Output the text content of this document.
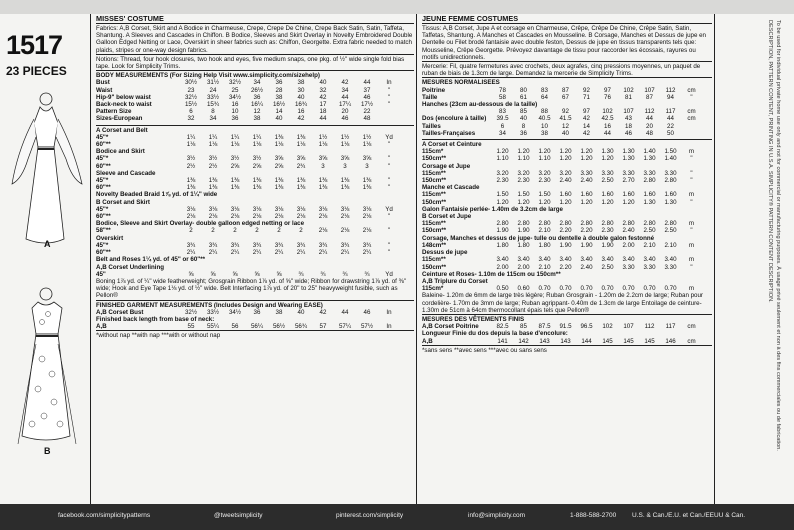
1517
23 PIECES
A
B

MISSES' COSTUME

Fabrics: A,B Corset, Skirt and A Bodice in Charmeuse, Crepe, Crepe De Chine, Crepe Back Satin, Satin, Taffeta, Shantung. A Sleeves and Cascades in Chiffon. B Bodice, Sleeves and Skirt Overlay in Novelty Embroidered Double Galloon Edged Netting or Lace, Overskirt in sheer fabrics such as: Chiffon, Georgette. Extra fabric needed to match plaids, stripes or one-way design fabrics.

Notions: Thread, four hook closures, two hook and eyes, five medium snaps, one pkg. of ½" wide single fold bias tape. Look for Simplicity Trims.

BODY MEASUREMENTS (For Sizing Help Visit www.simplicity.com/sizehelp)

Bust	30½	31½	32½	34	36	38	40	42	44	In
Waist	23	24	25	26½	28	30	32	34	37	"
Hip-9" below waist	32½	33½	34½	36	38	40	42	44	46	"
Back-neck to waist	15½	15¾	16	16¼	16½	16¾	17	17¼	17½	"
Pattern Size	6	8	10	12	14	16	18	20	22
Sizes-European	32	34	36	38	40	42	44	46	48

A Corset and Belt

45"*	1¼	1¼	1¼	1¼	1⅜	1⅜	1½	1½	1½	Yd
60"**	1⅛	1⅛	1⅛	1⅛	1⅛	1⅛	1⅛	1⅛	1⅛	"

Bodice and Skirt

45"*	3½	3½	3½	3½	3⅝	3⅝	3⅝	3⅝	3⅝	"
60"**	2½	2½	2⅝	2⅝	2⅝	2¾	3	3	3	"

Sleeve and Cascade

45"*	1⅜	1⅜	1⅜	1⅜	1⅜	1⅜	1⅜	1⅜	1⅜	"
60"**	1⅜	1⅜	1⅜	1⅜	1⅜	1⅜	1⅜	1⅜	1⅜	"

Novelty Beaded Braid 1⅞ yd. of 1¼" wide

B Corset and Skirt

45"*	3⅛	3⅛	3⅛	3⅛	3⅛	3⅛	3⅛	3⅛	3⅛	Yd
60"**	2⅛	2⅛	2⅛	2⅛	2⅛	2⅛	2⅛	2⅛	2⅛	"

Bodice, Sleeve and Skirt Overlay- double galloon edged netting or lace

58"**	2	2	2	2	2	2	2⅛	2⅛	2⅛	"

Overskirt

45"*	3¾	3¾	3¾	3¾	3¾	3¾	3¾	3¾	3¾	"
60"**	2¼	2¼	2¼	2¼	2¼	2¼	2¼	2¼	2¼	"

Belt and Roses 1¼ yd. of 45" or 60"**

A,B Corset Underlining

45"	⅝	⅝	⅝	⅝	⅝	¾	¾	¾	¾	Yd

Boning 1⅞ yd. of ¼" wide featherweight; Grosgrain Ribbon 1⅞ yd. of ⅝" wide; Ribbon for drawstring 1⅞ yd. of ⅜" wide; Hook and Eye Tape 1⅛ yd. of ½" wide. Belt Interfacing 1⅞ yd. of 20" to 25" heavyweight fusible, such as Pellon®

FINISHED GARMENT MEASUREMENTS (Includes Design and Wearing EASE)

A,B Corset Bust	32½	33½	34½	36	38	40	42	44	46	In
Finished back length from base of neck:
A,B	55	55¼	56	56¼	56½	56¾	57	57¼	57½	In

*without nap **with nap ***with or without nap

JEUNE FEMME COSTUMES

Tissus: A,B Corset, Jupe A et corsage en Charmeuse, Crêpe, Crêpe De Chine, Crêpe Satin, Satin, Taffetas, Shantung. A Manches et Cascades en Mousseline. B Corsage, Manches et Dessus de jupe en Dentelle ou Filet brodé fantaisie avec double feston, Dessus de jupe en tissus transparents tels que: Mousseline, Crêpe Georgette. Prévoyez davantage de tissu pour raccorder les écossais, rayures ou motifs unidirectionnels.

Mercerie: Fil, quatre fermetures avec crochets, deux agrafes, cinq pressions moyennes, un paquet de ruban de biais de 1.3cm de large. Demandez la mercerie de Simplicity Trims.

MESURES NORMALISEES

Poitrine	78	80	83	87	92	97	102	107	112	cm
Taille	58	61	64	67	71	76	81	87	94	"
Hanches (23cm au-dessous de la taille)
83	85	88	92	97	102	107	112	117	cm
Dos (encolure à taille)	39.5	40	40.5	41.5	42	42.5	43	44	44	cm
Tailles	6	8	10	12	14	16	18	20	22
Tailles-Françaises	34	36	38	40	42	44	46	48	50

A Corset et Ceinture

115cm*	1.20	1.20	1.20	1.20	1.20	1.30	1.30	1.40	1.50	m
150cm**	1.10	1.10	1.10	1.20	1.20	1.20	1.30	1.30	1.40	"

Corsage et Jupe

115cm**	3.20	3.20	3.20	3.20	3.30	3.30	3.30	3.30	3.30	"
150cm**	2.30	2.30	2.30	2.40	2.40	2.50	2.70	2.80	2.80	"

Manche et Cascade

115cm**	1.50	1.50	1.50	1.60	1.60	1.60	1.60	1.60	1.60	m
150cm**	1.20	1.20	1.20	1.20	1.20	1.20	1.20	1.30	1.30	"

Galon Fantaisie perlée- 1.40m de 3.2cm de large

B Corset et Jupe

115cm**	2.80	2.80	2.80	2.80	2.80	2.80	2.80	2.80	2.80	m
150cm**	1.90	1.90	2.10	2.20	2.20	2.30	2.40	2.50	2.50	"

Corsage, Manches et dessus de jupe- tulle ou dentelle à double galon festonné

148cm**	1.80	1.80	1.80	1.90	1.90	1.90	2.00	2.10	2.10	m

Dessus de jupe

115cm**	3.40	3.40	3.40	3.40	3.40	3.40	3.40	3.40	3.40	m
150cm**	2.00	2.00	2.10	2.20	2.40	2.50	3.30	3.30	3.30	"

Ceinture et Roses- 1.10m de 115cm ou 150cm**

A,B Triplure du Corset

115cm*	0.50	0.60	0.70	0.70	0.70	0.70	0.70	0.70	0.70	m

Baleine- 1.20m de 6mm de large très légère; Ruban Grosgrain - 1.20m de 2.2cm de large; Ruban pour cordelière- 1.70m de 3mm de large; Ruban agrippant- 0.40m de 1.3cm de large Entoilage de ceinture- 1.30m de 51cm à 64cm thermocollant épais tels que Pellon®

MESURES DES VÊTEMENTS FINIS

A,B Corset Poitrine	82.5	85	87.5	91.5	96.5	102	107	112	117	cm
Longueur Finie du dos depuis la base d'encolure:
A,B	141	142	143	143	144	145	145	145	146	cm

*sans sens **avec sens ***avec ou sans sens	To be used for individual private home use only and not for commercial or manufacturing purposes. À usage privé seulement et non à des fins commerciales ou de fabrication. DESCRIPTION, PATTERN CONTENT, PRINTING IN U.S.A. SIMPLICITY® PATTERN CONTENT DESCRIPTION.
facebook.com/simplicitypatterns	@tweetsimplicity	pinterest.com/simplicity	info@simplicity.com	1-888-588-2700 U.S. & Can./E.U. et Can./EEUU & Can.
